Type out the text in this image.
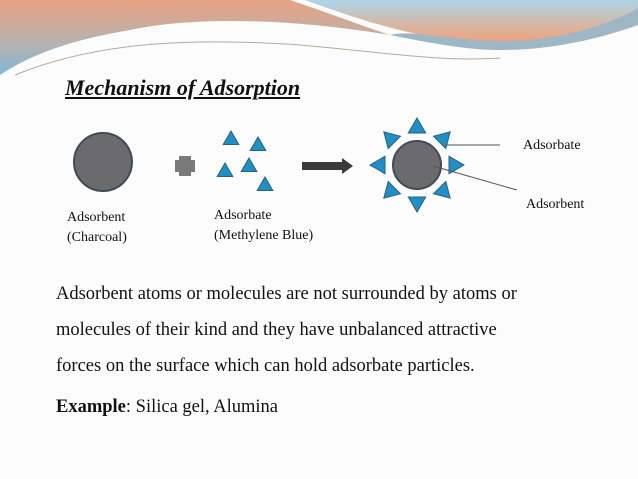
Mechanism of Adsorption
Adsorbent
(Charcoal)
Adsorbate
(Methylene Blue)
Adsorbate
Adsorbent
Adsorbent atoms or molecules are not surrounded by atoms or
molecules of their kind and they have unbalanced attractive
forces on the surface which can hold adsorbate particles.
Example: Silica gel, Alumina
